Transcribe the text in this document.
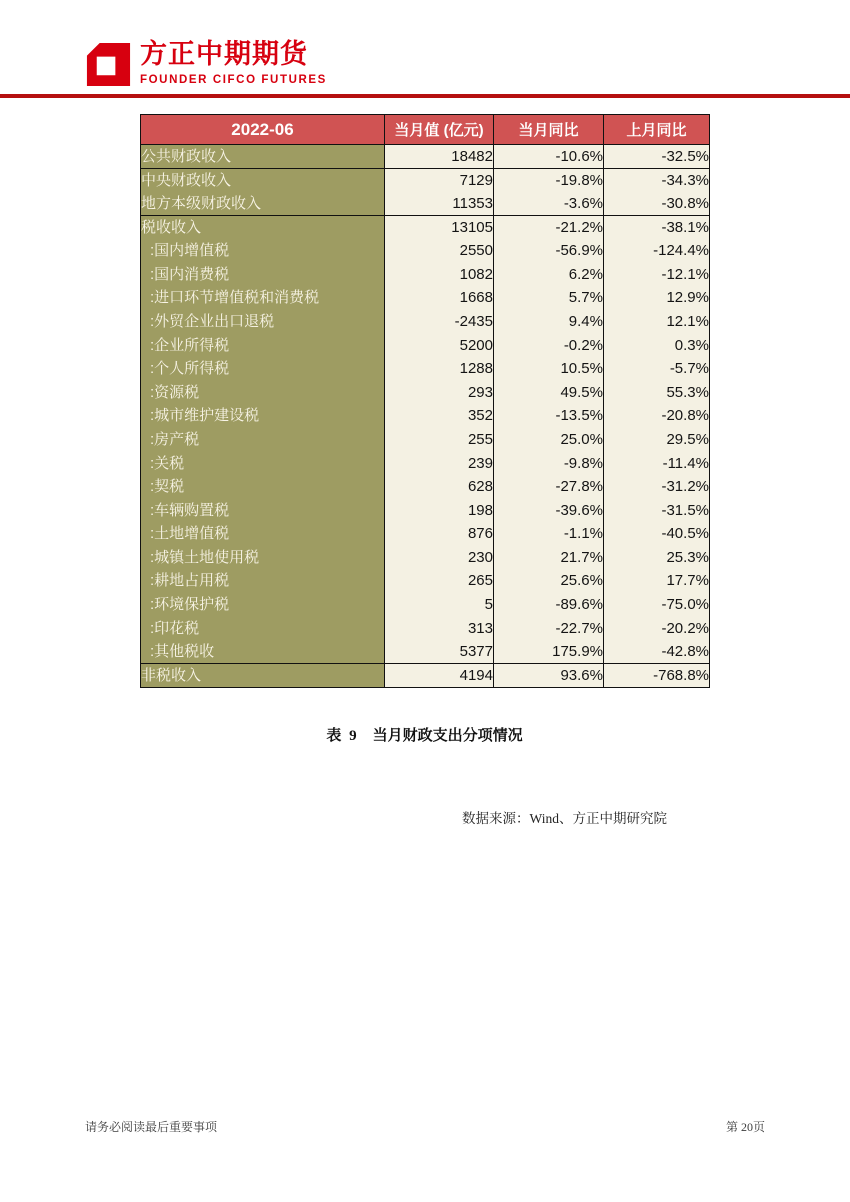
方正中期期货
FOUNDER CIFCO FUTURES
2022-06	当月值 (亿元)	当月同比	上月同比
公共财政收入	18482	-10.6%	-32.5%
中央财政收入	7129	-19.8%	-34.3%
地方本级财政收入	11353	-3.6%	-30.8%
税收收入	13105	-21.2%	-38.1%
:国内增值税	2550	-56.9%	-124.4%
:国内消费税	1082	6.2%	-12.1%
:进口环节增值税和消费税	1668	5.7%	12.9%
:外贸企业出口退税	-2435	9.4%	12.1%
:企业所得税	5200	-0.2%	0.3%
:个人所得税	1288	10.5%	-5.7%
:资源税	293	49.5%	55.3%
:城市维护建设税	352	-13.5%	-20.8%
:房产税	255	25.0%	29.5%
:关税	239	-9.8%	-11.4%
:契税	628	-27.8%	-31.2%
:车辆购置税	198	-39.6%	-31.5%
:土地增值税	876	-1.1%	-40.5%
:城镇土地使用税	230	21.7%	25.3%
:耕地占用税	265	25.6%	17.7%
:环境保护税	5	-89.6%	-75.0%
:印花税	313	-22.7%	-20.2%
:其他税收	5377	175.9%	-42.8%
非税收入	4194	93.6%	-768.8%
数据来源：Wind、方正中期研究院
表 9 当月财政支出分项情况
请务必阅读最后重要事项	第 20页
